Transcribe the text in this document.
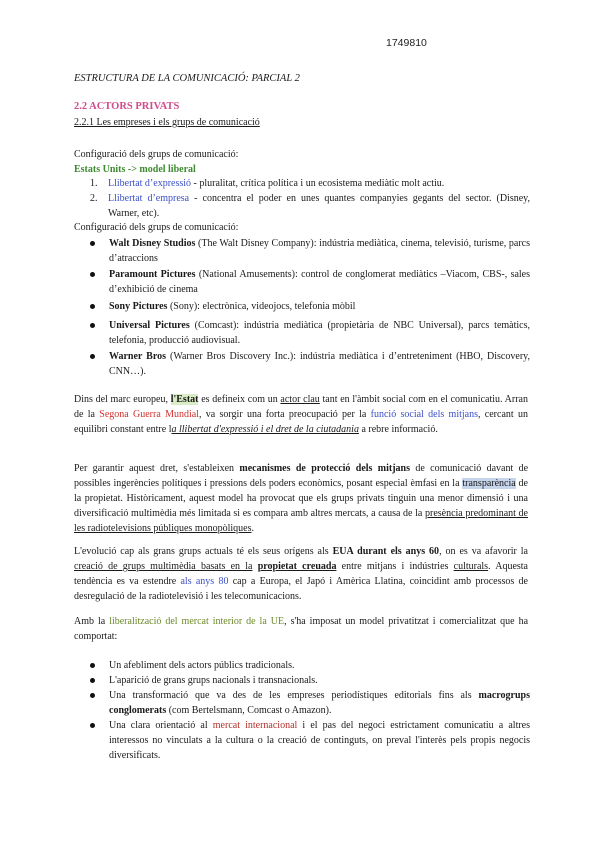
1749810
ESTRUCTURA DE LA COMUNICACIÓ: PARCIAL 2
2.2 ACTORS PRIVATS
2.2.1 Les empreses i els grups de comunicació
Configuració dels grups de comunicació:
Estats Units -> model liberal
1. Llibertat d’expressió - pluralitat, crítica política i un ecosistema mediàtic molt actiu.
2. Llibertat d’empresa - concentra el poder en unes quantes companyies gegants del sector. (Disney, Warner, etc).
Configuració dels grups de comunicació:
Walt Disney Studios (The Walt Disney Company): indústria mediàtica, cinema, televisió, turisme, parcs d’atraccions
Paramount Pictures (National Amusements): control de conglomerat mediàtics –Viacom, CBS-, sales d’exhibició de cinema
Sony Pictures (Sony): electrònica, videojocs, telefonia mòbil
Universal Pictures (Comcast): indústria mediàtica (propietària de NBC Universal), parcs temàtics, telefonia, producció audiovisual.
Warner Bros (Warner Bros Discovery Inc.): indústria mediàtica i d’entreteniment (HBO, Discovery, CNN…).
Dins del marc europeu, l'Estat es defineix com un actor clau tant en l'àmbit social com en el comunicatiu. Arran de la Segona Guerra Mundial, va sorgir una forta preocupació per la funció social dels mitjans, cercant un equilibri constant entre la llibertat d'expressió i el dret de la ciutadania a rebre informació.
Per garantir aquest dret, s'estableixen mecanismes de protecció dels mitjans de comunicació davant de possibles ingerències polítiques i pressions dels poders econòmics, posant especial èmfasi en la transparència de la propietat. Històricament, aquest model ha provocat que els grups privats tinguin una menor dimensió i una diversificació multimèdia més limitada si es compara amb altres mercats, a causa de la presència predominant de les radiotelevisions públiques monopòliques.
L'evolució cap als grans grups actuals té els seus orígens als EUA durant els anys 60, on es va afavorir la creació de grups multimèdia basats en la propietat creuada entre mitjans i indústries culturals. Aquesta tendència es va estendre als anys 80 cap a Europa, el Japó i Amèrica Llatina, coincidint amb processos de desregulació de la radiotelevisió i les telecomunicacions.
Amb la liberalització del mercat interior de la UE, s'ha imposat un model privatitzat i comercialitzat que ha comportat:
Un afebliment dels actors públics tradicionals.
L'aparició de grans grups nacionals i transnacionals.
Una transformació que va des de les empreses periodístiques editorials fins als macrogrups conglomerats (com Bertelsmann, Comcast o Amazon).
Una clara orientació al mercat internacional i el pas del negoci estrictament comunicatiu a altres interessos no vinculats a la cultura o la creació de continguts, on preval l'interès pels propis negocis diversificats.
